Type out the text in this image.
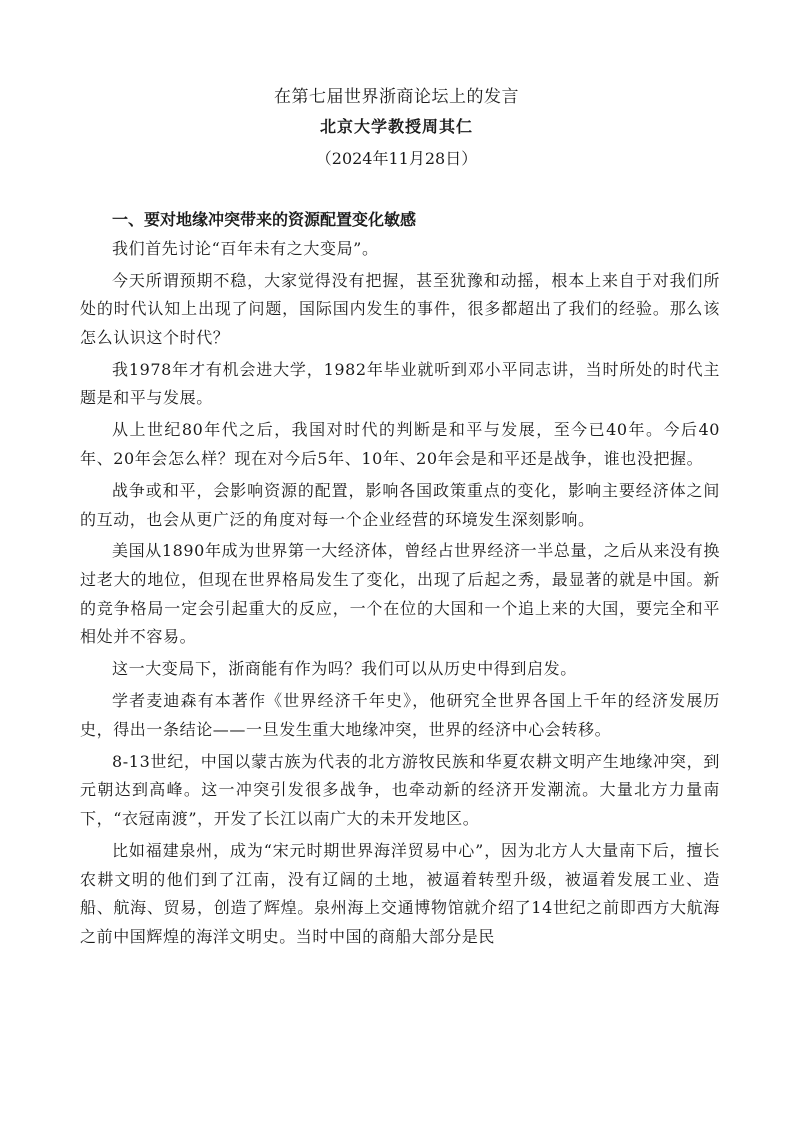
在第七届世界浙商论坛上的发言
北京大学教授周其仁
（2024年11月28日）

一、要对地缘冲突带来的资源配置变化敏感

我们首先讨论“百年未有之大变局”。

今天所谓预期不稳，大家觉得没有把握，甚至犹豫和动摇，根本上来自于对我们所处的时代认知上出现了问题，国际国内发生的事件，很多都超出了我们的经验。那么该怎么认识这个时代？

我1978年才有机会进大学，1982年毕业就听到邓小平同志讲，当时所处的时代主题是和平与发展。

从上世纪80年代之后，我国对时代的判断是和平与发展，至今已40年。今后40年、20年会怎么样？现在对今后5年、10年、20年会是和平还是战争，谁也没把握。

战争或和平，会影响资源的配置，影响各国政策重点的变化，影响主要经济体之间的互动，也会从更广泛的角度对每一个企业经营的环境发生深刻影响。

美国从1890年成为世界第一大经济体，曾经占世界经济一半总量，之后从来没有换过老大的地位，但现在世界格局发生了变化，出现了后起之秀，最显著的就是中国。新的竞争格局一定会引起重大的反应，一个在位的大国和一个追上来的大国，要完全和平相处并不容易。

这一大变局下，浙商能有作为吗？我们可以从历史中得到启发。

学者麦迪森有本著作《世界经济千年史》，他研究全世界各国上千年的经济发展历史，得出一条结论——一旦发生重大地缘冲突，世界的经济中心会转移。

8-13世纪，中国以蒙古族为代表的北方游牧民族和华夏农耕文明产生地缘冲突，到元朝达到高峰。这一冲突引发很多战争，也牵动新的经济开发潮流。大量北方力量南下，“衣冠南渡”，开发了长江以南广大的未开发地区。

比如福建泉州，成为“宋元时期世界海洋贸易中心”，因为北方人大量南下后，擅长农耕文明的他们到了江南，没有辽阔的土地，被逼着转型升级，被逼着发展工业、造船、航海、贸易，创造了辉煌。泉州海上交通博物馆就介绍了14世纪之前即西方大航海之前中国辉煌的海洋文明史。当时中国的商船大部分是民
